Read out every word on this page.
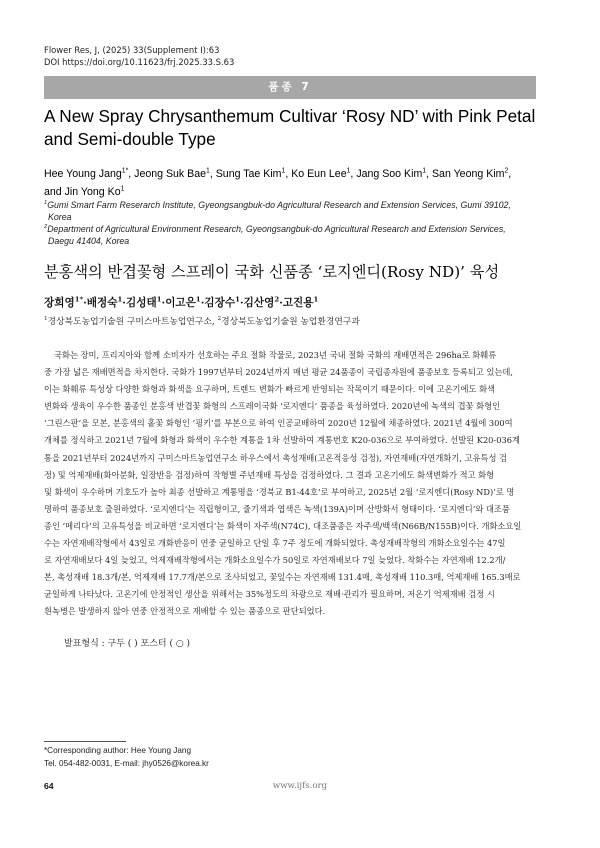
Flower Res, J, (2025) 33(Supplement I):63
DOI https://doi.org/10.11623/frj.2025.33.S.63
품종 7
A New Spray Chrysanthemum Cultivar ‘Rosy ND’ with Pink Petal
and Semi-double Type
Hee Young Jang$^{1*}$, Jeong Suk Bae$^1$, Sung Tae Kim$^1$, Ko Eun Lee$^1$, Jang Soo Kim$^1$, San Yeong Kim$^2$,
and Jin Yong Ko$^1$
$^1$Gumi Smart Farm Reserarch Institute, Gyeongsangbuk-do Agricultural Research and Extension Services, Gumi 39102,
Korea
$^2$Department of Agricultural Environment Research, Gyeongsangbuk-do Agricultural Research and Extension Services,
Daegu 41404, Korea
분홍색의 반겹꽃형 스프레이 국화 신품종 ‘로지엔디(Rosy ND)’ 육성
장희영$^{1*}$·배정숙$^1$·김성태$^1$·이고은$^1$·김장수$^1$·김산영$^2$·고진용$^1$
$^1$경상북도농업기술원 구미스마트농업연구소, $^2$경상북도농업기술원 농업환경연구과
국화는 장미, 프리지아와 함께 소비자가 선호하는 주요 절화 작물로, 2023년 국내 절화 국화의 재배면적은 296ha로 화훼류
중 가장 넓은 재배면적을 차지한다. 국화가 1997년부터 2024년까지 매년 평균 24품종이 국립종자원에 품종보호 등록되고 있는데,
이는 화훼류 특성상 다양한 화형과 화색을 요구하며, 트렌드 변화가 빠르게 반영되는 작목이기 때문이다. 이에 고온기에도 화색
변화와 생육이 우수한 품종인 분홍색 반겹꽃 화형의 스프레이국화 ‘로지엔디’ 품종을 육성하였다. 2020년에 녹색의 겹꽃 화형인
‘그린스판’을 모본, 분홍색의 홑꽃 화형인 ‘핑키’를 부본으로 하여 인공교배하여 2020년 12월에 채종하였다. 2021년 4월에 300여
개체를 정식하고 2021년 7월에 화형과 화색이 우수한 계통을 1차 선발하여 계통번호 K20-036으로 부여하였다. 선발된 K20-036계
통을 2021년부터 2024년까지 구미스마트농업연구소 하우스에서 촉성재배(고온적응성 검정), 자연재배(자연개화기, 고유특성 검
정) 및 억제재배(화아분화, 일장반응 검정)하여 작형별 주년재배 특성을 검정하였다. 그 결과 고온기에도 화색변화가 적고 화형
및 화색이 우수하며 기호도가 높아 최종 선발하고 계통명을 ‘경북교 B1-44호’로 부여하고, 2025년 2월 ‘로지엔디(Rosy ND)’로 명
명하여 품종보호 출원하였다. ‘로지엔디’는 직립형이고, 줄기색과 엽색은 녹색(139A)이며 산방화서 형태이다. ‘로지엔디’와 대조품
종인 ‘메리다’의 고유특성을 비교하면 ‘로지엔디’는 화색이 자주색(N74C), 대조품종은 자주색/백색(N66B/N155B)이다. 개화소요일
수는 자연재배작형에서 43일로 개화반응이 연중 균일하고 단일 후 7주 정도에 개화되었다. 촉성재배작형의 개화소요일수는 47일
로 자연재배보다 4일 늦었고, 억제재배작형에서는 개화소요일수가 50일로 자연재배보다 7일 늦었다. 착화수는 자연재배 12.2개/
본, 촉성재배 18.3개/본, 억제재배 17.7개/본으로 조사되었고, 꽃잎수는 자연재배 131.4매, 촉성재배 110.3매, 억제재배 165.3매로
균일하게 나타났다. 고온기에 안정적인 생산을 위해서는 35%정도의 차광으로 재배·관리가 필요하며, 저온기 억제재배 검정 시
흰녹병은 발생하지 않아 연중 안정적으로 재배할 수 있는 품종으로 판단되었다.
발표형식 : 구두 ( ) 포스터 ( ○ )
*Corresponding author: Hee Young Jang
Tel. 054-482-0031, E-mail: jhy0526@korea.kr
64	www.ijfs.org
